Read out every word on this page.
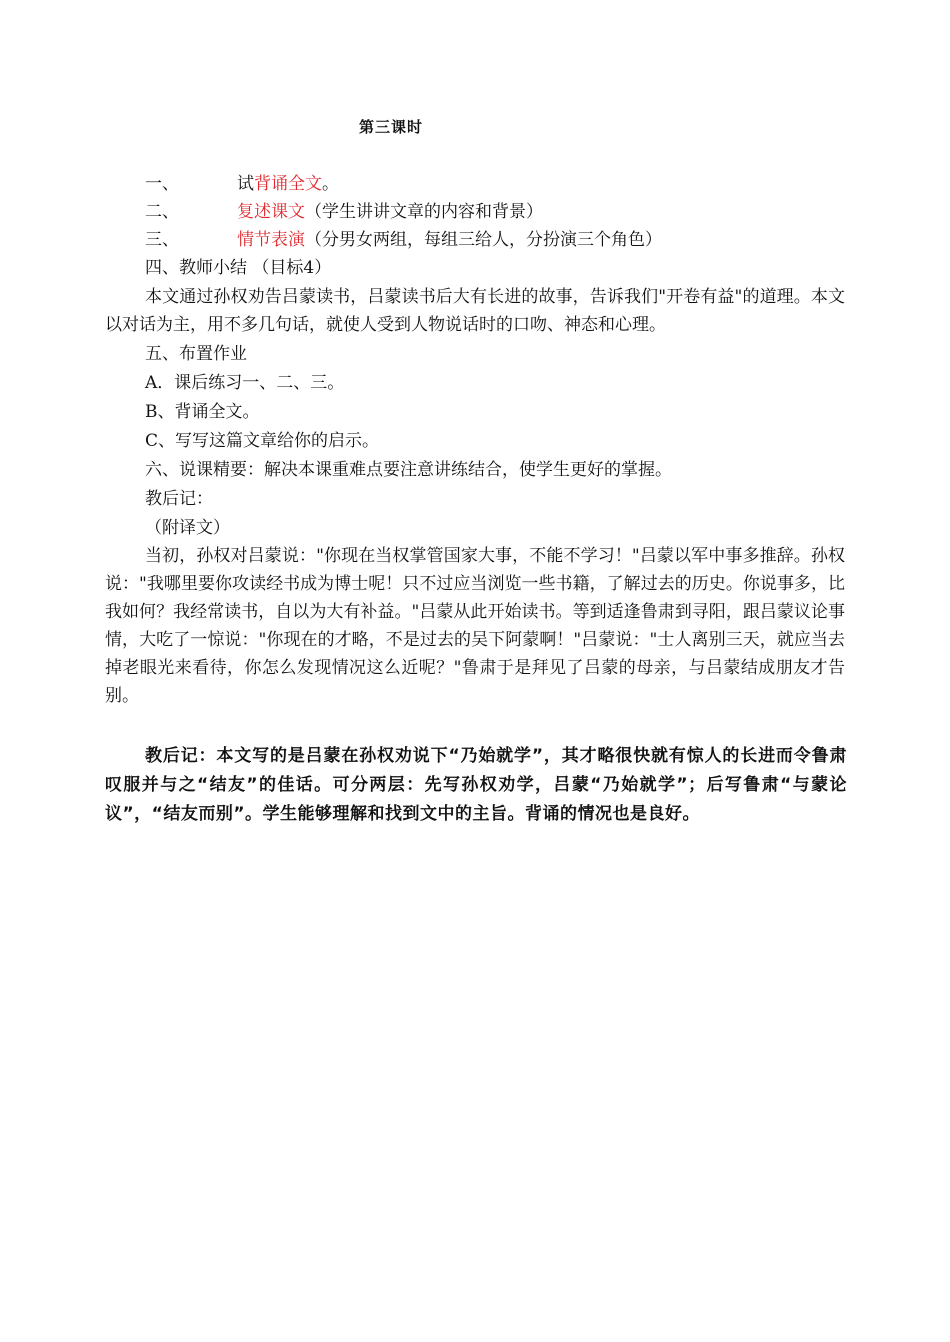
第三课时
一、	试背诵全文。
二、	复述课文（学生讲讲文章的内容和背景）
三、	情节表演（分男女两组，每组三给人，分扮演三个角色）
四、教师小结 （目标4）
本文通过孙权劝告吕蒙读书，吕蒙读书后大有长进的故事，告诉我们"开卷有益"的道理。本文以对话为主，用不多几句话，就使人受到人物说话时的口吻、神态和心理。
五、布置作业
A．课后练习一、二、三。
B、背诵全文。
C、写写这篇文章给你的启示。
六、说课精要：解决本课重难点要注意讲练结合，使学生更好的掌握。
教后记：
（附译文）
当初，孙权对吕蒙说："你现在当权掌管国家大事，不能不学习！"吕蒙以军中事多推辞。孙权说："我哪里要你攻读经书成为博士呢！只不过应当浏览一些书籍，了解过去的历史。你说事多，比我如何？我经常读书，自以为大有补益。"吕蒙从此开始读书。等到适逢鲁肃到寻阳，跟吕蒙议论事情，大吃了一惊说："你现在的才略，不是过去的吴下阿蒙啊！"吕蒙说："士人离别三天，就应当去掉老眼光来看待，你怎么发现情况这么近呢？"鲁肃于是拜见了吕蒙的母亲，与吕蒙结成朋友才告别。
教后记：本文写的是吕蒙在孙权劝说下“乃始就学”，其才略很快就有惊人的长进而令鲁肃叹服并与之“结友”的佳话。可分两层：先写孙权劝学，吕蒙“乃始就学”；后写鲁肃“与蒙论议”，“结友而别”。学生能够理解和找到文中的主旨。背诵的情况也是良好。
